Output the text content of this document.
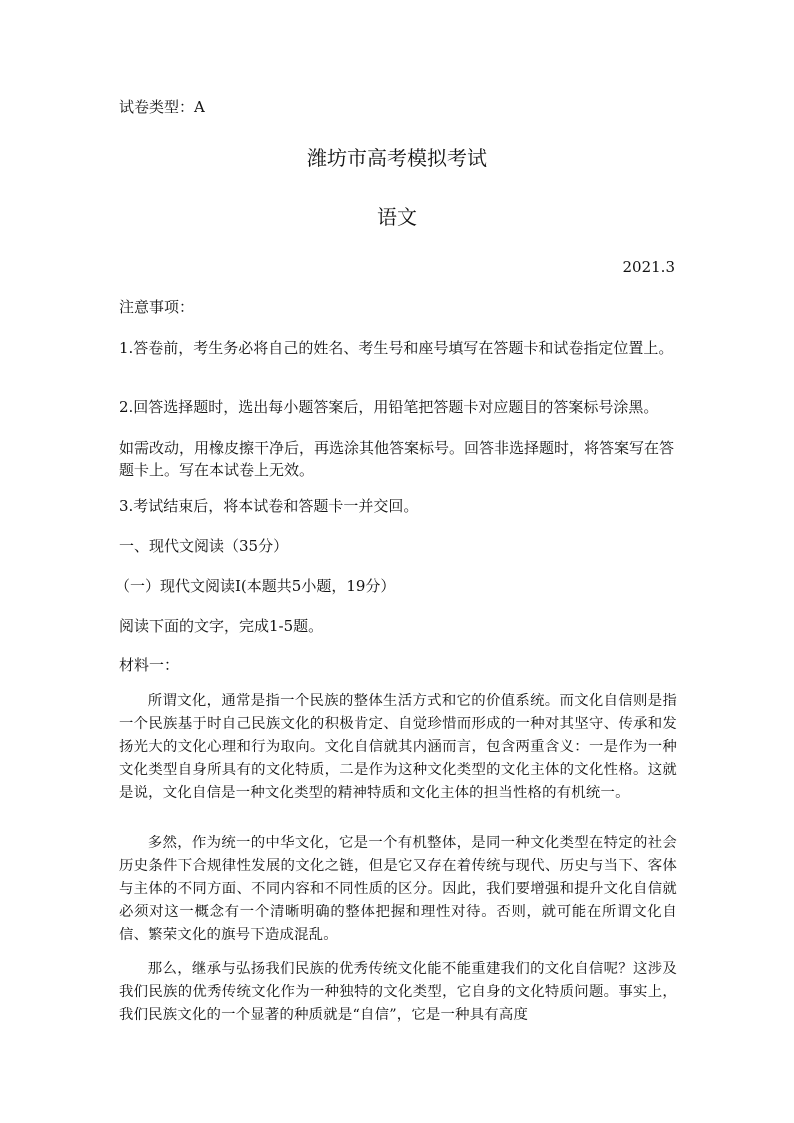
试卷类型：A
潍坊市高考模拟考试
语文
2021.3
注意事项：
1.答卷前，考生务必将自己的姓名、考生号和座号填写在答题卡和试卷指定位置上。
2.回答选择题时，选出每小题答案后，用铅笔把答题卡对应题目的答案标号涂黑。
如需改动，用橡皮擦干净后，再选涂其他答案标号。回答非选择题时，将答案写在答题卡上。写在本试卷上无效。
3.考试结束后，将本试卷和答题卡一并交回。
一、现代文阅读（35分）
（一）现代文阅读Ⅰ(本题共5小题，19分）
阅读下面的文字，完成1-5题。
材料一：
所谓文化，通常是指一个民族的整体生活方式和它的价值系统。而文化自信则是指一个民族基于时自己民族文化的积极肯定、自觉珍惜而形成的一种对其坚守、传承和发扬光大的文化心理和行为取向。文化自信就其内涵而言，包含两重含义：一是作为一种文化类型自身所具有的文化特质，二是作为这种文化类型的文化主体的文化性格。这就是说，文化自信是一种文化类型的精神特质和文化主体的担当性格的有机统一。
多然，作为统一的中华文化，它是一个有机整体，是同一种文化类型在特定的社会历史条件下合规律性发展的文化之链，但是它又存在着传统与现代、历史与当下、客体与主体的不同方面、不同内容和不同性质的区分。因此，我们要增强和提升文化自信就必须对这一概念有一个清晰明确的整体把握和理性对待。否则，就可能在所谓文化自信、繁荣文化的旗号下造成混乱。
那么，继承与弘扬我们民族的优秀传统文化能不能重建我们的文化自信呢？这涉及我们民族的优秀传统文化作为一种独特的文化类型，它自身的文化特质问题。事实上，我们民族文化的一个显著的种质就是“自信”，它是一种具有高度
